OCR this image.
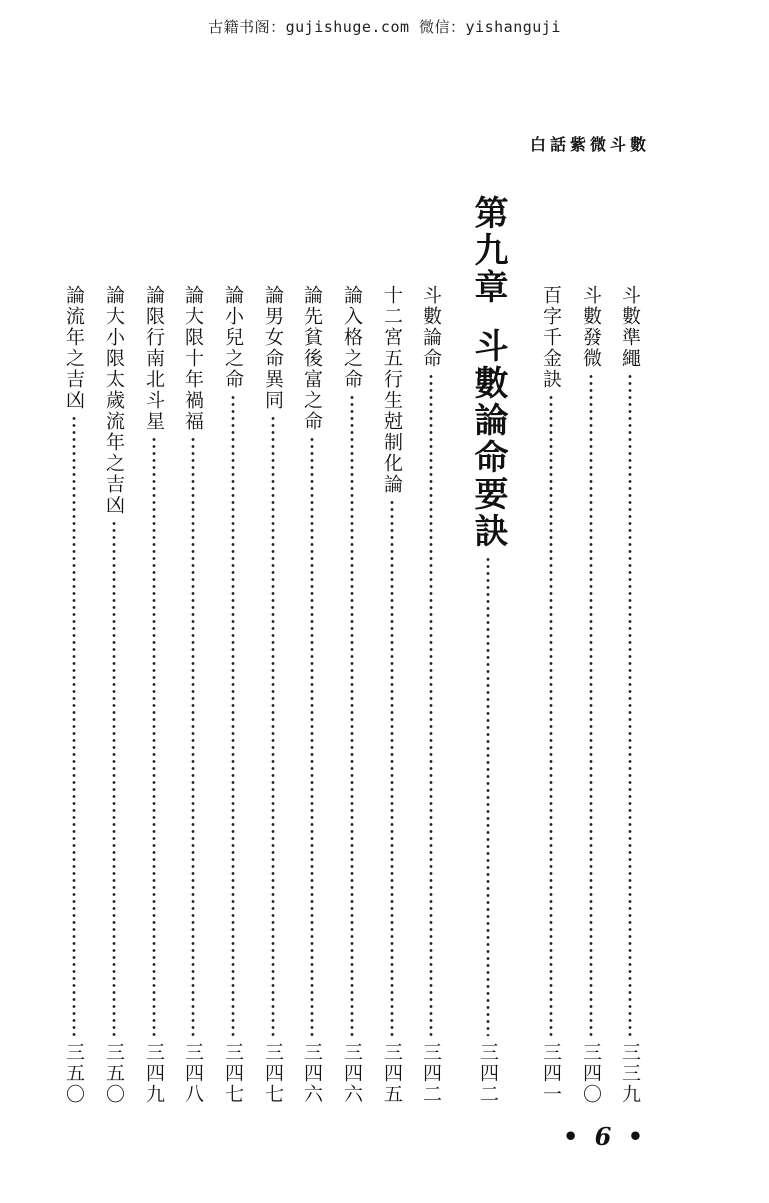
古籍书阁：gujishuge.com 微信：yishanguji
白話紫微斗數
斗數準繩
三三九
斗數發微
三四〇
百字千金訣
三四一
第九章
斗數論命要訣
三四二
斗數論命
三四二
十二宮五行生尅制化論
三四五
論入格之命
三四六
論先貧後富之命
三四六
論男女命異同
三四七
論小兒之命
三四七
論大限十年禍福
三四八
論限行南北斗星
三四九
論大小限太歲流年之吉凶
三五〇
論流年之吉凶
三五〇
• 6 •
